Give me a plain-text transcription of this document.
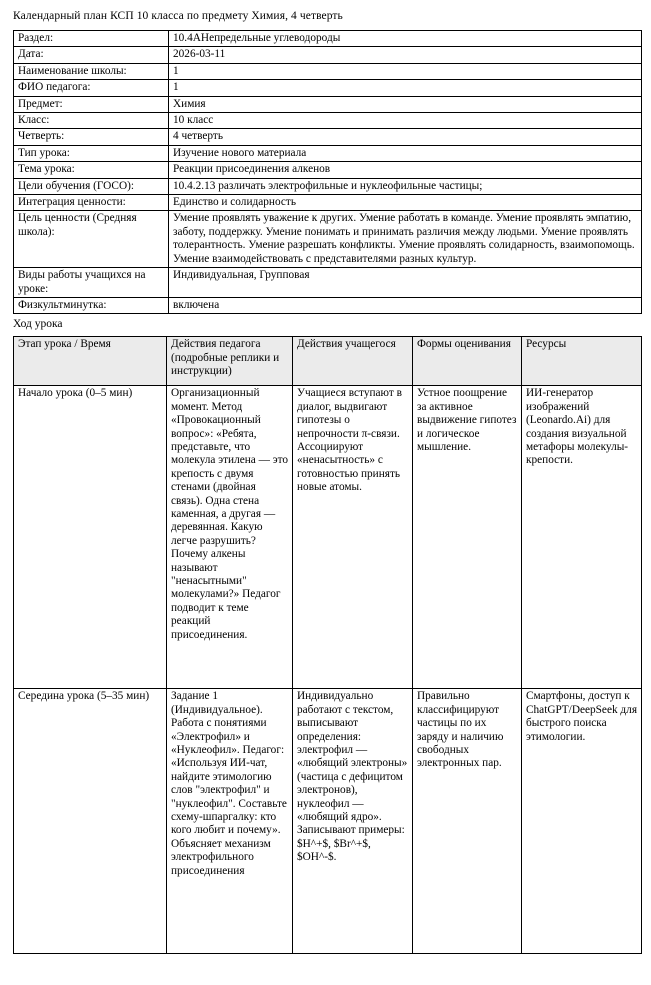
Календарный план КСП 10 класса по предмету Химия, 4 четверть
Раздел:	10.4АНепредельные углеводороды
Дата:	2026-03-11
Наименование школы:	1
ФИО педагога:	1
Предмет:	Химия
Класс:	10 класс
Четверть:	4 четверть
Тип урока:	Изучение нового материала
Тема урока:	Реакции присоединения алкенов
Цели обучения (ГОСО):	10.4.2.13 различать электрофильные и нуклеофильные частицы;
Интеграция ценности:	Единство и солидарность
Цель ценности (Средняя школа):	Умение проявлять уважение к других. Умение работать в команде. Умение проявлять эмпатию, заботу, поддержку. Умение понимать и принимать различия между людьми. Умение проявлять толерантность. Умение разрешать конфликты. Умение проявлять солидарность, взаимопомощь. Умение взаимодействовать с представителями разных культур.
Виды работы учащихся на уроке:	Индивидуальная, Групповая
Физкультминутка:	включена
Ход урока
Этап урока / Время	Действия педагога (подробные реплики и инструкции)	Действия учащегося	Формы оценивания	Ресурсы
Начало урока (0–5 мин)	Организационный момент. Метод «Провокационный вопрос»: «Ребята, представьте, что молекула этилена — это крепость с двумя стенами (двойная связь). Одна стена каменная, а другая — деревянная. Какую легче разрушить? Почему алкены называют "ненасытными" молекулами?» Педагог подводит к теме реакций присоединения.	Учащиеся вступают в диалог, выдвигают гипотезы о непрочности π-связи. Ассоциируют «ненасытность» с готовностью принять новые атомы.	Устное поощрение за активное выдвижение гипотез и логическое мышление.	ИИ-генератор изображений (Leonardo.Ai) для создания визуальной метафоры молекулы-крепости.
Середина урока (5–35 мин)	Задание 1 (Индивидуальное). Работа с понятиями «Электрофил» и «Нуклеофил». Педагог: «Используя ИИ-чат, найдите этимологию слов "электрофил" и "нуклеофил". Составьте схему-шпаргалку: кто кого любит и почему». Объясняет механизм электрофильного присоединения	Индивидуально работают с текстом, выписывают определения: электрофил — «любящий электроны» (частица с дефицитом электронов), нуклеофил — «любящий ядро». Записывают примеры: $H^+$, $Br^+$, $OH^-$.	Правильно классифицируют частицы по их заряду и наличию свободных электронных пар.	Смартфоны, доступ к ChatGPT/DeepSeek для быстрого поиска этимологии.
